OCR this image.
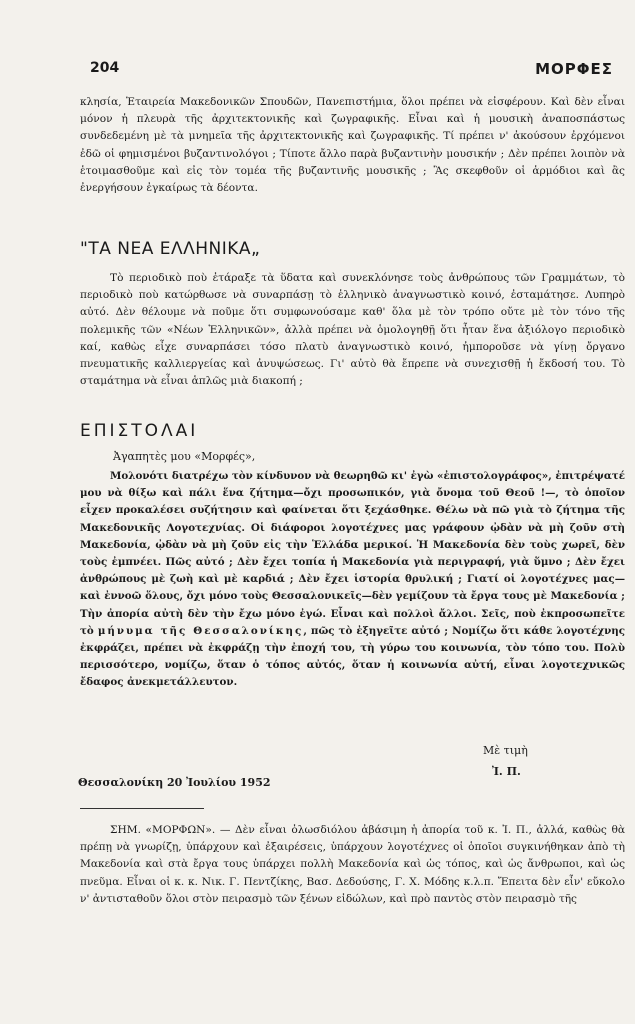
204	ΜΟΡΦΕΣ

κλησία, Ἑταιρεία Μακεδονικῶν Σπουδῶν, Πανεπιστήμια, ὅλοι πρέπει νὰ εἰσφέρουν. Καὶ δὲν εἶναι μόνον ἡ πλευρὰ τῆς ἀρχιτεκτονικῆς καὶ ζωγραφικῆς. Εἶναι καὶ ἡ μουσικὴ ἀναποσπάστως συνδεδεμένη μὲ τὰ μνημεῖα τῆς ἀρχιτεκτονικῆς καὶ ζωγραφικῆς. Τί πρέπει ν' ἀκούσουν ἐρχόμενοι ἐδῶ οἱ φημισμένοι βυζαντινολόγοι ; Τίποτε ἄλλο παρὰ βυζαντινὴν μουσικήν ; Δὲν πρέπει λοιπὸν νὰ ἑτοιμασθοῦμε καὶ εἰς τὸν τομέα τῆς βυζαντινῆς μουσικῆς ; Ἂς σκεφθοῦν οἱ ἁρμόδιοι καὶ ἂς ἐνεργήσουν ἐγκαίρως τὰ δέοντα.

"ΤΑ ΝΕΑ ΕΛΛΗΝΙΚΑ„

Τὸ περιοδικὸ ποὺ ἐτάραξε τὰ ὕδατα καὶ συνεκλόνησε τοὺς ἀνθρώπους τῶν Γραμμάτων, τὸ περιοδικὸ ποὺ κατώρθωσε νὰ συναρπάσῃ τὸ ἑλληνικὸ ἀναγνωστικὸ κοινό, ἐσταμάτησε. Λυπηρὸ αὐτό. Δὲν θέλουμε νὰ ποῦμε ὅτι συμφωνούσαμε καθ' ὅλα μὲ τὸν τρόπο οὔτε μὲ τὸν τόνο τῆς πολεμικῆς τῶν «Νέων Ἑλληνικῶν», ἀλλὰ πρέπει νὰ ὁμολογηθῇ ὅτι ἦταν ἕνα ἀξιόλογο περιοδικὸ καί, καθὼς εἶχε συναρπάσει τόσο πλατὺ ἀναγνωστικὸ κοινό, ἠμποροῦσε νὰ γίνῃ ὄργανο πνευματικῆς καλλιεργείας καὶ ἀνυψώσεως. Γι' αὐτὸ θὰ ἔπρεπε νὰ συνεχισθῇ ἡ ἔκδοσή του. Τὸ σταμάτημα νὰ εἶναι ἁπλῶς μιὰ διακοπή ;

ΕΠΙΣΤΟΛΑΙ

Ἀγαπητὲς μου «Μορφές»,

Μολονότι διατρέχω τὸν κίνδυνον νὰ θεωρηθῶ κι' ἐγὼ «ἐπιστολογράφος», ἐπιτρέψατέ μου νὰ θίξω καὶ πάλι ἕνα ζήτημα—ὄχι προσωπικόν, γιὰ ὄνομα τοῦ Θεοῦ !—, τὸ ὁποῖον εἶχεν προκαλέσει συζήτησιν καὶ φαίνεται ὅτι ξεχάσθηκε. Θέλω νὰ πῶ γιὰ τὸ ζήτημα τῆς Μακεδονικῆς Λογοτεχνίας. Οἱ διάφοροι λογοτέχνες μας γράφουν ᾠδὰν νὰ μὴ ζοῦν στὴ Μακεδονία, ᾠδὰν νὰ μὴ ζοῦν εἰς τὴν Ἑλλάδα μερικοί. Ἡ Μακεδονία δὲν τοὺς χωρεῖ, δὲν τοὺς ἐμπνέει. Πῶς αὐτό ; Δὲν ἔχει τοπία ἡ Μακεδονία γιὰ περιγραφή, γιὰ ὕμνο ; Δὲν ἔχει ἀνθρώπους μὲ ζωὴ καὶ μὲ καρδιά ; Δὲν ἔχει ἱστορία θρυλική ; Γιατί οἱ λογοτέχνες μας—καὶ ἐννοῶ ὅλους, ὄχι μόνο τοὺς Θεσσαλονικεῖς—δὲν γεμίζουν τὰ ἔργα τους μὲ Μακεδονία ; Τὴν ἀπορία αὐτὴ δὲν τὴν ἔχω μόνο ἐγώ. Εἶναι καὶ πολλοὶ ἄλλοι. Σεῖς, ποὺ ἐκπροσωπεῖτε τὸ μήνυμα τῆς Θεσσαλονίκης, πῶς τὸ ἐξηγεῖτε αὐτό ; Νομίζω ὅτι κάθε λογοτέχνης ἐκφράζει, πρέπει νὰ ἐκφράζῃ τὴν ἐποχή του, τὴ γύρω του κοινωνία, τὸν τόπο του. Πολὺ περισσότερο, νομίζω, ὅταν ὁ τόπος αὐτός, ὅταν ἡ κοινωνία αὐτή, εἶναι λογοτεχνικῶς ἔδαφος ἀνεκμετάλλευτον.

Μὲ τιμὴ

Ἰ. Π.

Θεσσαλονίκη 20 Ἰουλίου 1952

ΣΗΜ. «ΜΟΡΦΩΝ». — Δὲν εἶναι ὁλωσδιόλου ἀβάσιμη ἡ ἀπορία τοῦ κ. Ἰ. Π., ἀλλά, καθὼς θὰ πρέπῃ νὰ γνωρίζῃ, ὑπάρχουν καὶ ἐξαιρέσεις, ὑπάρχουν λογοτέχνες οἱ ὁποῖοι συγκινήθηκαν ἀπὸ τὴ Μακεδονία καὶ στὰ ἔργα τους ὑπάρχει πολλὴ Μακεδονία καὶ ὡς τόπος, καὶ ὡς ἄνθρωποι, καὶ ὡς πνεῦμα. Εἶναι οἱ κ. κ. Νικ. Γ. Πεντζίκης, Βασ. Δεδούσης, Γ. Χ. Μόδης κ.λ.π. Ἔπειτα δὲν εἶν' εὔκολο ν' ἀντισταθοῦν ὅλοι στὸν πειρασμὸ τῶν ξένων εἰδώλων, καὶ πρὸ παντὸς στὸν πειρασμὸ τῆς
